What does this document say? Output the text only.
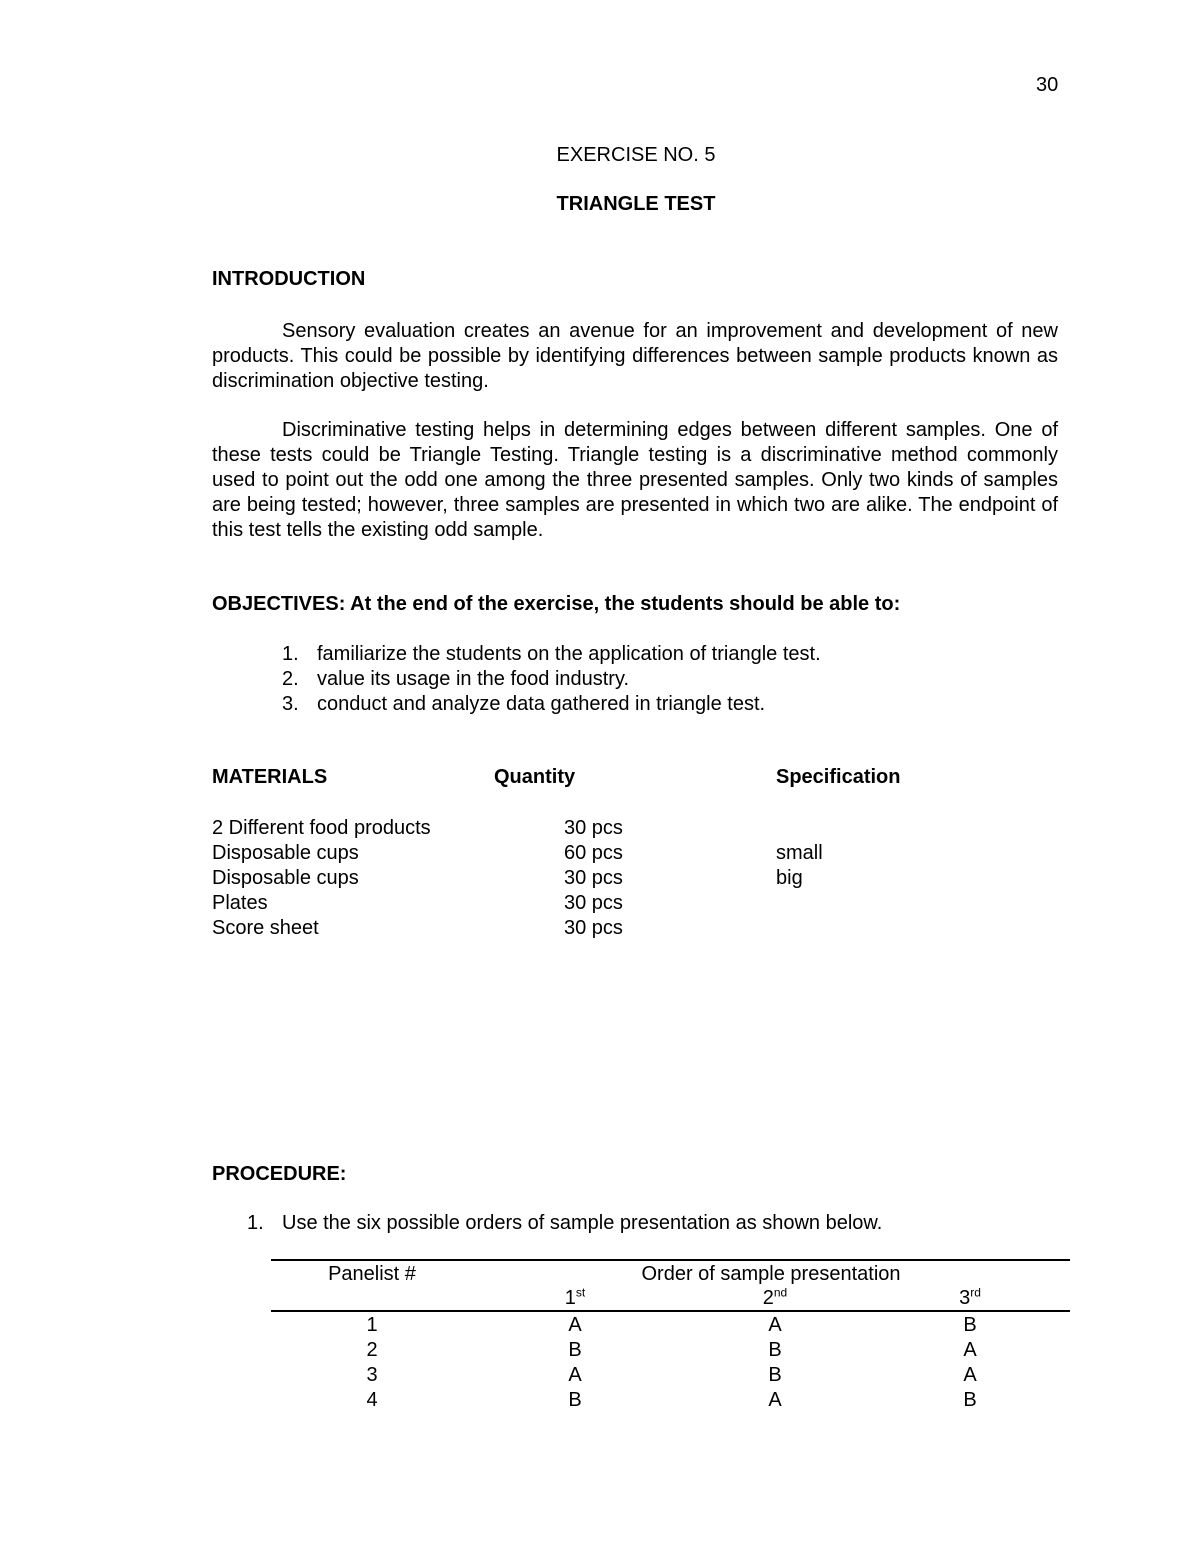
30
EXERCISE NO. 5
TRIANGLE TEST
INTRODUCTION
Sensory evaluation creates an avenue for an improvement and development of new products. This could be possible by identifying differences between sample products known as discrimination objective testing.
Discriminative testing helps in determining edges between different samples. One of these tests could be Triangle Testing. Triangle testing is a discriminative method commonly used to point out the odd one among the three presented samples. Only two kinds of samples are being tested; however, three samples are presented in which two are alike. The endpoint of this test tells the existing odd sample.
OBJECTIVES: At the end of the exercise, the students should be able to:
1. familiarize the students on the application of triangle test.
2. value its usage in the food industry.
3. conduct and analyze data gathered in triangle test.
MATERIALS	Quantity	Specification
2 Different food products	30 pcs
Disposable cups	60 pcs	small
Disposable cups	30 pcs	big
Plates	30 pcs
Score sheet	30 pcs
PROCEDURE:
1. Use the six possible orders of sample presentation as shown below.
Panelist #	Order of sample presentation
1st	2nd	3rd
1	A	A	B
2	B	B	A
3	A	B	A
4	B	A	B
